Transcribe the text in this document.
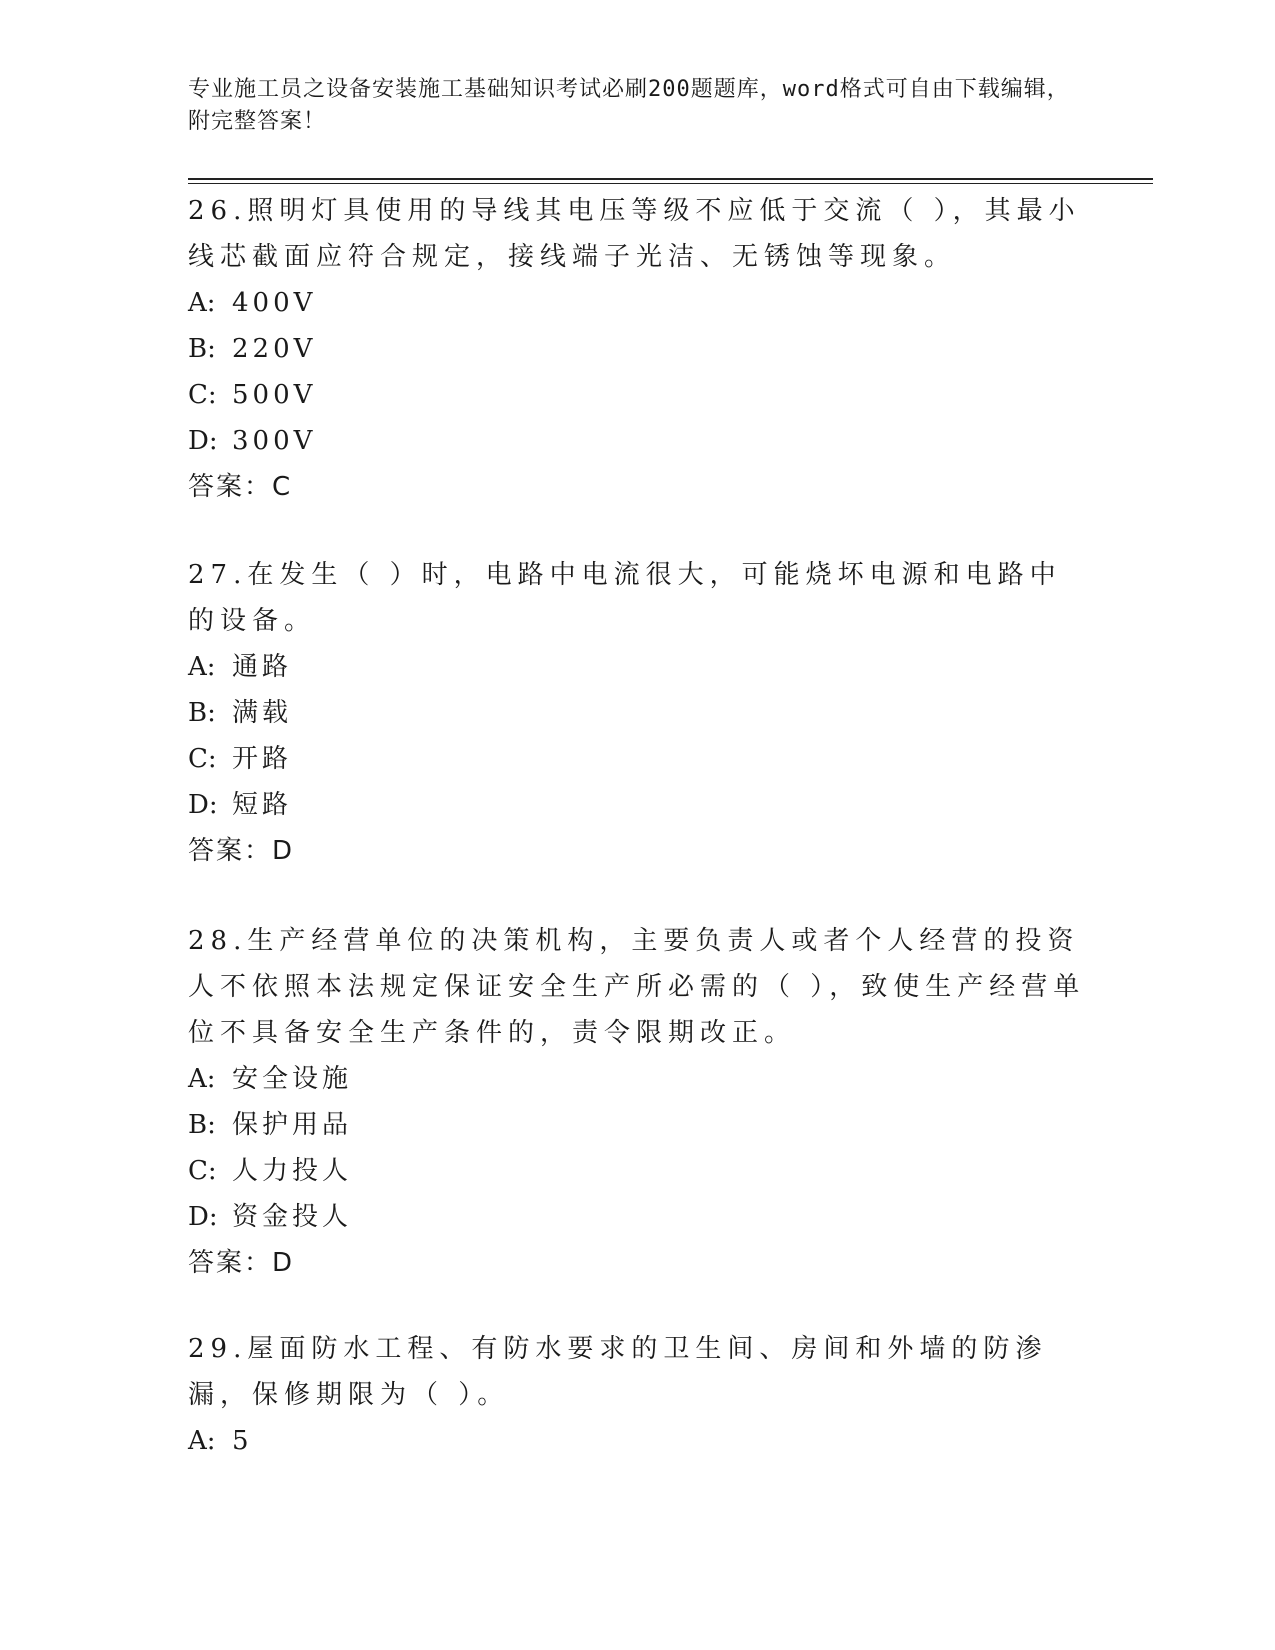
专业施工员之设备安装施工基础知识考试必刷200题题库，word格式可自由下载编辑，附完整答案！

26.照明灯具使用的导线其电压等级不应低于交流（ ），其最小线芯截面应符合规定，接线端子光洁、无锈蚀等现象。

A: 400V

B: 220V

C: 500V

D: 300V

答案：C

27.在发生（ ）时，电路中电流很大，可能烧坏电源和电路中的设备。

A: 通路

B: 满载

C: 开路

D: 短路

答案：D

28.生产经营单位的决策机构，主要负责人或者个人经营的投资人不依照本法规定保证安全生产所必需的（ ），致使生产经营单位不具备安全生产条件的，责令限期改正。

A: 安全设施

B: 保护用品

C: 人力投人

D: 资金投人

答案：D

29.屋面防水工程、有防水要求的卫生间、房间和外墙的防渗漏，保修期限为（ ）。

A: 5
